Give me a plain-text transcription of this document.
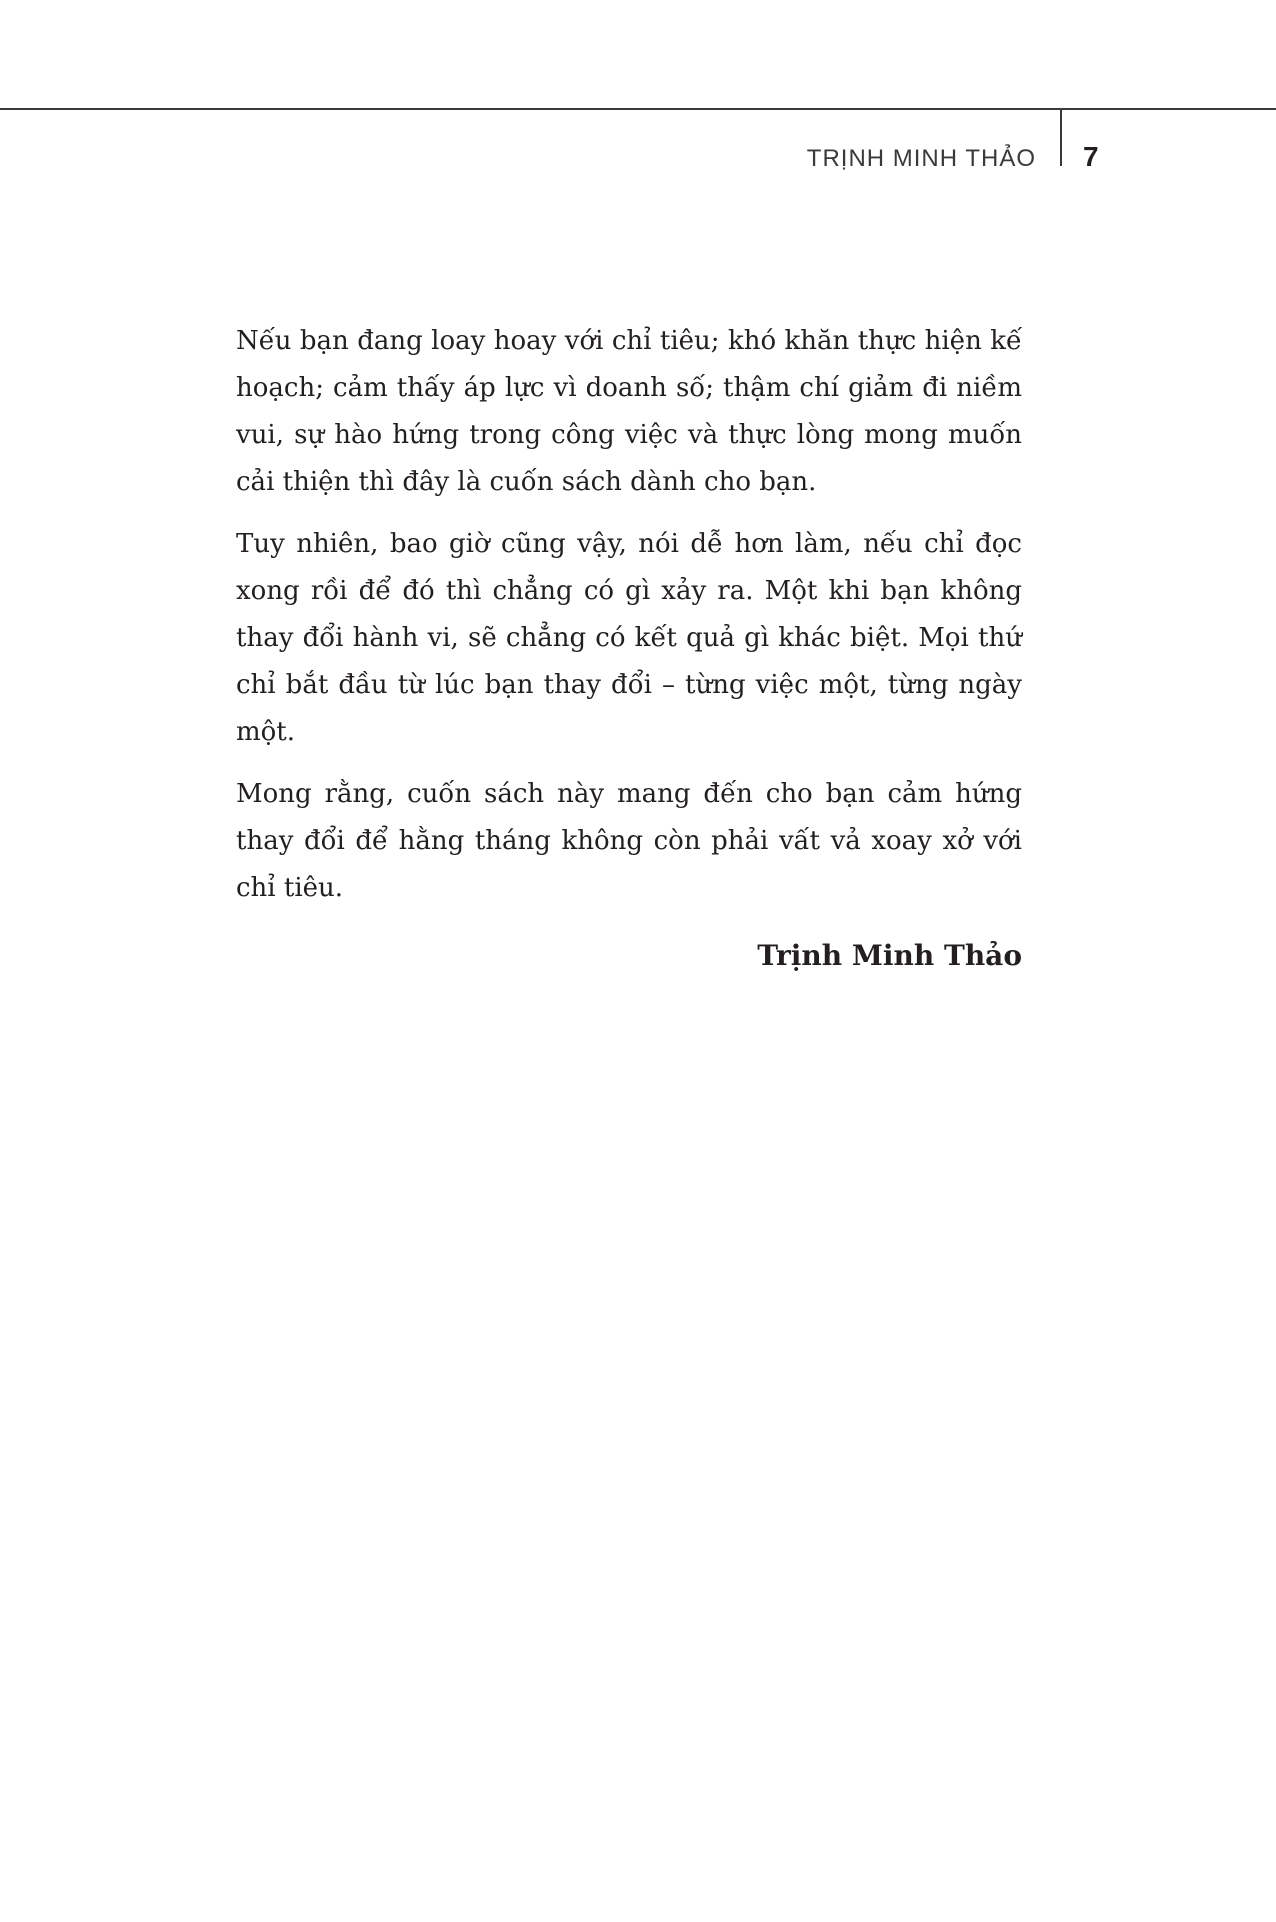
TRỊNH MINH THẢO 7

Nếu bạn đang loay hoay với chỉ tiêu; khó khăn thực hiện kế hoạch; cảm thấy áp lực vì doanh số; thậm chí giảm đi niềm vui, sự hào hứng trong công việc và thực lòng mong muốn cải thiện thì đây là cuốn sách dành cho bạn.

Tuy nhiên, bao giờ cũng vậy, nói dễ hơn làm, nếu chỉ đọc xong rồi để đó thì chẳng có gì xảy ra. Một khi bạn không thay đổi hành vi, sẽ chẳng có kết quả gì khác biệt. Mọi thứ chỉ bắt đầu từ lúc bạn thay đổi – từng việc một, từng ngày một.

Mong rằng, cuốn sách này mang đến cho bạn cảm hứng thay đổi để hằng tháng không còn phải vất vả xoay xở với chỉ tiêu.

Trịnh Minh Thảo
